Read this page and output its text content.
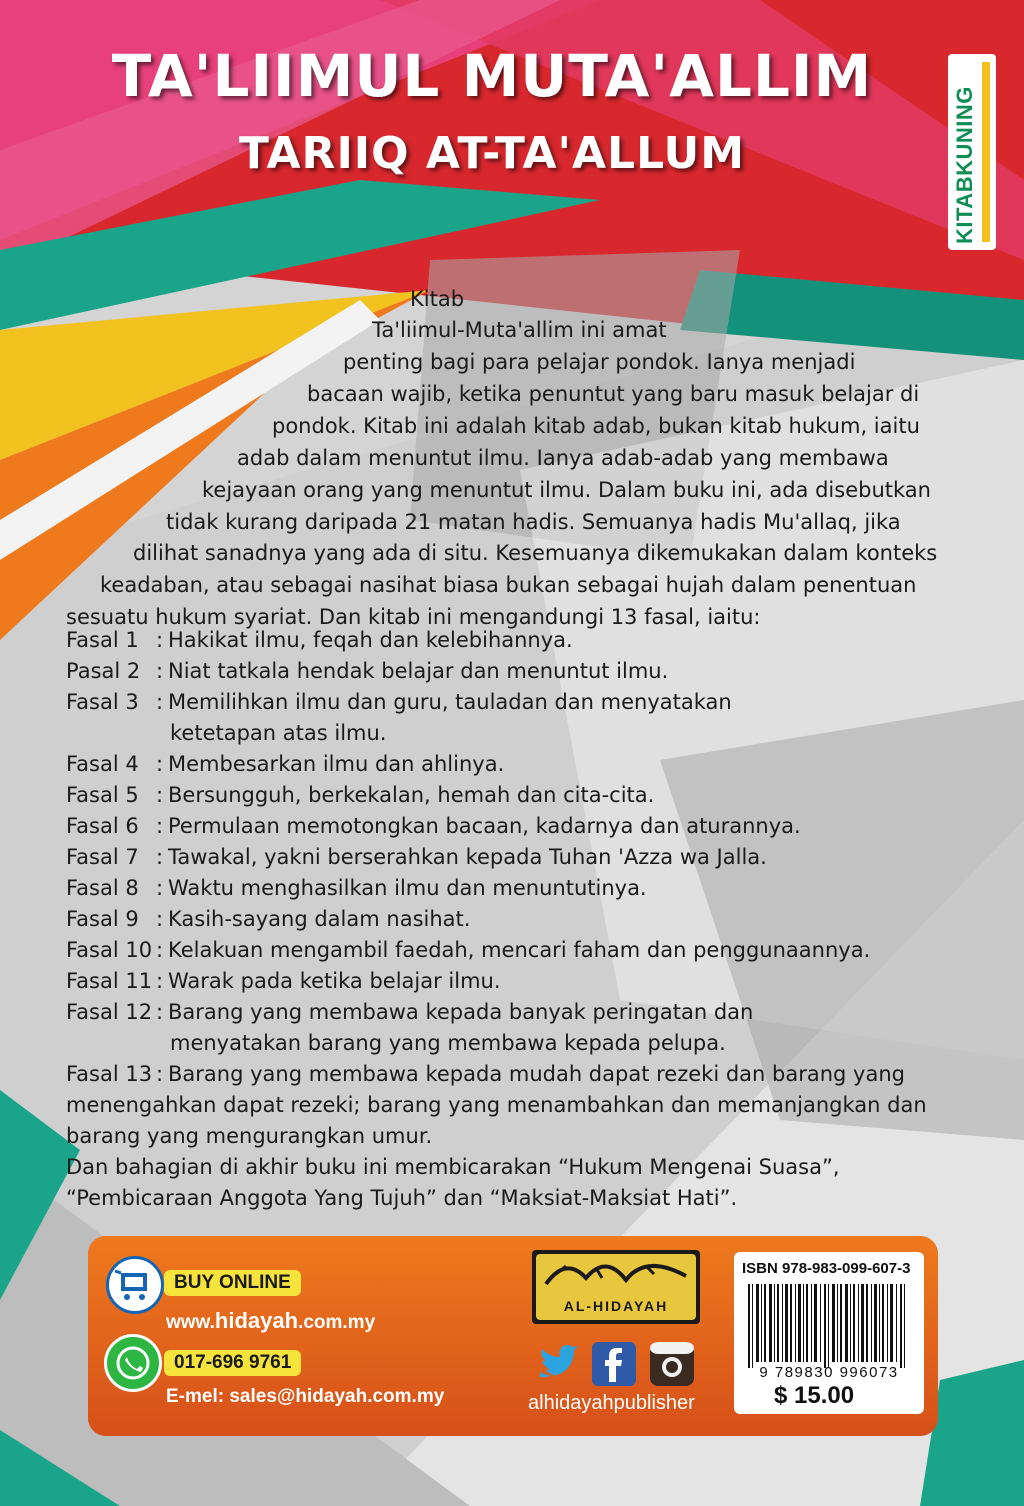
TA'LIIMUL MUTA'ALLIM
TARIIQ AT-TA'ALLUM
KITABKUNING
Kitab
Ta'liimul-Muta'allim ini amat
penting bagi para pelajar pondok. Ianya menjadi
bacaan wajib, ketika penuntut yang baru masuk belajar di
pondok. Kitab ini adalah kitab adab, bukan kitab hukum, iaitu
adab dalam menuntut ilmu. Ianya adab-adab yang membawa
kejayaan orang yang menuntut ilmu. Dalam buku ini, ada disebutkan
tidak kurang daripada 21 matan hadis. Semuanya hadis Mu'allaq, jika
dilihat sanadnya yang ada di situ. Kesemuanya dikemukakan dalam konteks
keadaban, atau sebagai nasihat biasa bukan sebagai hujah dalam penentuan
sesuatu hukum syariat. Dan kitab ini mengandungi 13 fasal, iaitu:
Fasal 1 : Hakikat ilmu, feqah dan kelebihannya.
Pasal 2 : Niat tatkala hendak belajar dan menuntut ilmu.
Fasal 3 : Memilihkan ilmu dan guru, tauladan dan menyatakan
ketetapan atas ilmu.
Fasal 4 : Membesarkan ilmu dan ahlinya.
Fasal 5 : Bersungguh, berkekalan, hemah dan cita-cita.
Fasal 6 : Permulaan memotongkan bacaan, kadarnya dan aturannya.
Fasal 7 : Tawakal, yakni berserahkan kepada Tuhan 'Azza wa Jalla.
Fasal 8 : Waktu menghasilkan ilmu dan menuntutinya.
Fasal 9 : Kasih-sayang dalam nasihat.
Fasal 10 : Kelakuan mengambil faedah, mencari faham dan penggunaannya.
Fasal 11 : Warak pada ketika belajar ilmu.
Fasal 12 : Barang yang membawa kepada banyak peringatan dan
menyatakan barang yang membawa kepada pelupa.
Fasal 13 : Barang yang membawa kepada mudah dapat rezeki dan barang yang
menengahkan dapat rezeki; barang yang menambahkan dan memanjangkan dan
barang yang mengurangkan umur.
Dan bahagian di akhir buku ini membicarakan “Hukum Mengenai Suasa”,
“Pembicaraan Anggota Yang Tujuh” dan “Maksiat-Maksiat Hati”.
BUY ONLINE
www.hidayah.com.my
017-696 9761
E-mel: sales@hidayah.com.my
AL-HIDAYAH
alhidayahpublisher
ISBN 978-983-099-607-3
9 789830 996073
$ 15.00
